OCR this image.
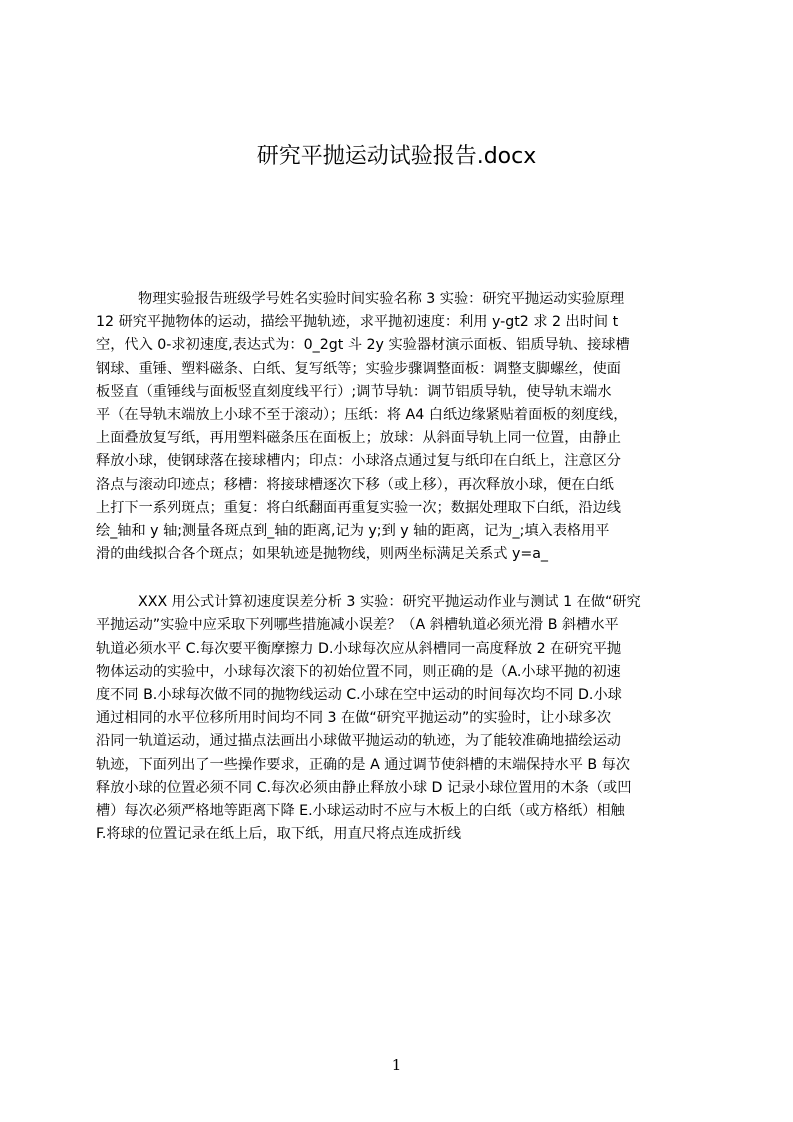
研究平抛运动试验报告.docx
物理实验报告班级学号姓名实验时间实验名称 3 实验：研究平抛运动实验原理
12 研究平抛物体的运动，描绘平抛轨迹，求平抛初速度：利用 y-gt2 求 2 出时间 t
空，代入 0-求初速度,表达式为：0_2gt 斗 2y 实验器材演示面板、铝质导轨、接球槽
钢球、重锤、塑料磁条、白纸、复写纸等；实验步骤调整面板：调整支脚螺丝，使面
板竖直（重锤线与面板竖直刻度线平行）;调节导轨：调节铝质导轨，使导轨末端水
平（在导轨末端放上小球不至于滚动）；压纸：将 A4 白纸边缘紧贴着面板的刻度线，
上面叠放复写纸，再用塑料磁条压在面板上；放球：从斜面导轨上同一位置，由静止
释放小球，使钢球落在接球槽内；印点：小球洛点通过复与纸印在白纸上，注意区分
洛点与滚动印迹点；移槽：将接球槽逐次下移（或上移），再次释放小球，便在白纸
上打下一系列斑点；重复：将白纸翻面再重复实验一次；数据处理取下白纸，沿边线
绘_轴和 y 轴;测量各斑点到_轴的距离,记为 y;到 y 轴的距离，记为_;填入表格用平
滑的曲线拟合各个斑点；如果轨迹是抛物线，则两坐标满足关系式 y=a_
XXX 用公式计算初速度误差分析 3 实验：研究平抛运动作业与测试 1 在做“研究
平抛运动”实验中应采取下列哪些措施减小误差？（A 斜槽轨道必须光滑 B 斜槽水平
轨道必须水平 C.每次要平衡摩擦力 D.小球每次应从斜槽同一高度释放 2 在研究平抛
物体运动的实验中，小球每次滚下的初始位置不同，则正确的是（A.小球平抛的初速
度不同 B.小球每次做不同的抛物线运动 C.小球在空中运动的时间每次均不同 D.小球
通过相同的水平位移所用时间均不同 3 在做“研究平抛运动”的实验时，让小球多次
沿同一轨道运动，通过描点法画出小球做平抛运动的轨迹，为了能较准确地描绘运动
轨迹，下面列出了一些操作要求，正确的是 A 通过调节使斜槽的末端保持水平 B 每次
释放小球的位置必须不同 C.每次必须由静止释放小球 D 记录小球位置用的木条（或凹
槽）每次必须严格地等距离下降 E.小球运动时不应与木板上的白纸（或方格纸）相触
F.将球的位置记录在纸上后，取下纸，用直尺将点连成折线
1
